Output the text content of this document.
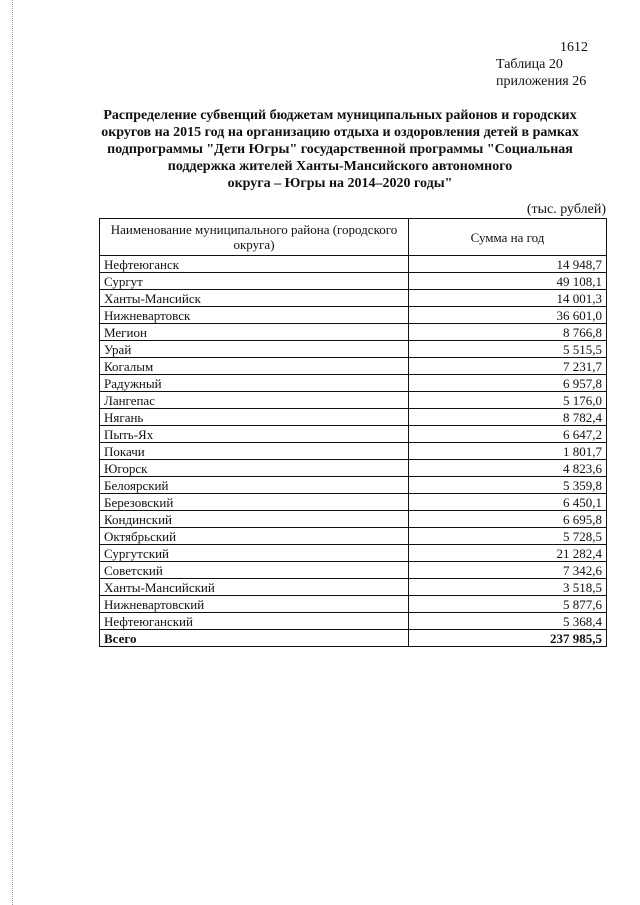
1612
Таблица 20
приложения 26
Распределение субвенций бюджетам муниципальных районов и городских
округов на 2015 год на организацию отдыха и оздоровления детей в рамках
подпрограммы "Дети Югры" государственной программы "Социальная
поддержка жителей Ханты-Мансийского автономного
округа – Югры на 2014–2020 годы"
(тыс. рублей)
Наименование муниципального района (городского округа)	Сумма на год
Нефтеюганск	14 948,7
Сургут	49 108,1
Ханты-Мансийск	14 001,3
Нижневартовск	36 601,0
Мегион	8 766,8
Урай	5 515,5
Когалым	7 231,7
Радужный	6 957,8
Лангепас	5 176,0
Нягань	8 782,4
Пыть-Ях	6 647,2
Покачи	1 801,7
Югорск	4 823,6
Белоярский	5 359,8
Березовский	6 450,1
Кондинский	6 695,8
Октябрьский	5 728,5
Сургутский	21 282,4
Советский	7 342,6
Ханты-Мансийский	3 518,5
Нижневартовский	5 877,6
Нефтеюганский	5 368,4
Всего	237 985,5
